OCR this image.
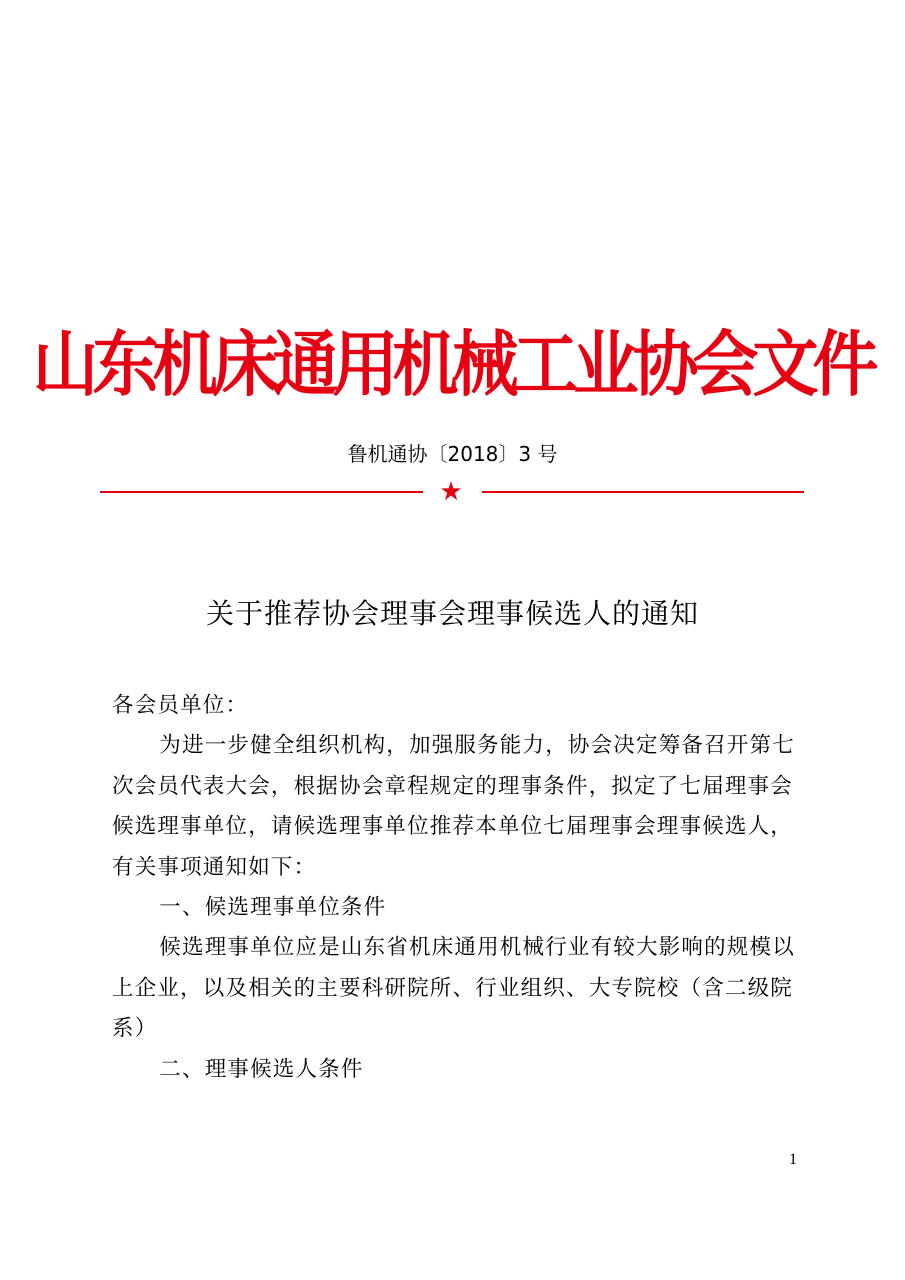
山东机床通用机械工业协会文件
鲁机通协〔2018〕3 号
★
关于推荐协会理事会理事候选人的通知

各会员单位：

为进一步健全组织机构，加强服务能力，协会决定筹备召开第七次会员代表大会，根据协会章程规定的理事条件，拟定了七届理事会候选理事单位，请候选理事单位推荐本单位七届理事会理事候选人，有关事项通知如下：

一、候选理事单位条件

候选理事单位应是山东省机床通用机械行业有较大影响的规模以上企业，以及相关的主要科研院所、行业组织、大专院校（含二级院系）

二、理事候选人条件

1
